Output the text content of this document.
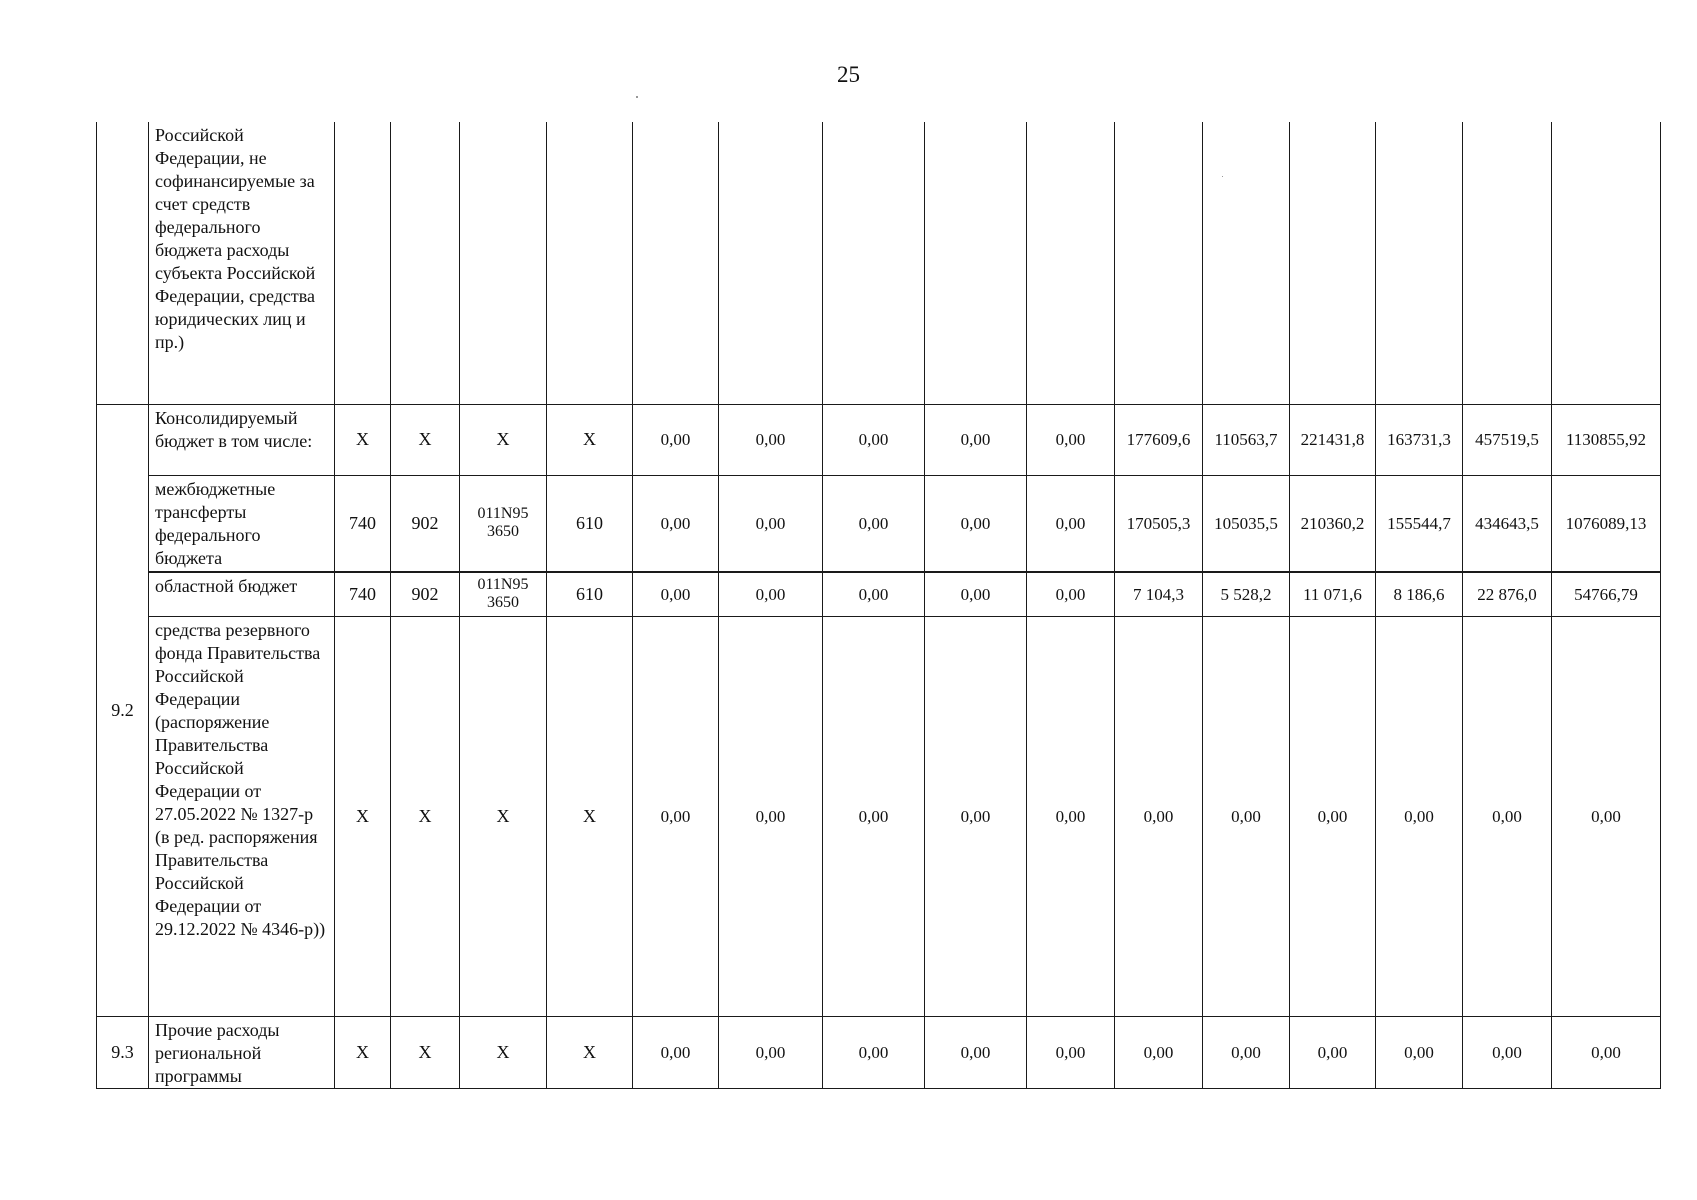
25
	Российской Федерации, не софинансируемые за счет средств федерального бюджета расходы субъекта Российской Федерации, средства юридических лиц и пр.)															
9.2	Консолидируемый бюджет в том числе:	X	X	X	X	0,00	0,00	0,00	0,00	0,00	177609,6	110563,7	221431,8	163731,3	457519,5	1130855,92
	межбюджетные трансферты федерального бюджета	740	902	011N95 3650	610	0,00	0,00	0,00	0,00	0,00	170505,3	105035,5	210360,2	155544,7	434643,5	1076089,13
	областной бюджет	740	902	011N95 3650	610	0,00	0,00	0,00	0,00	0,00	7 104,3	5 528,2	11 071,6	8 186,6	22 876,0	54766,79
	средства резервного фонда Правительства Российской Федерации (распоряжение Правительства Российской Федерации от 27.05.2022 № 1327-р (в ред. распоряжения Правительства Российской Федерации от 29.12.2022 № 4346-р))	X	X	X	X	0,00	0,00	0,00	0,00	0,00	0,00	0,00	0,00	0,00	0,00	0,00
9.3	Прочие расходы региональной программы	X	X	X	X	0,00	0,00	0,00	0,00	0,00	0,00	0,00	0,00	0,00	0,00	0,00
